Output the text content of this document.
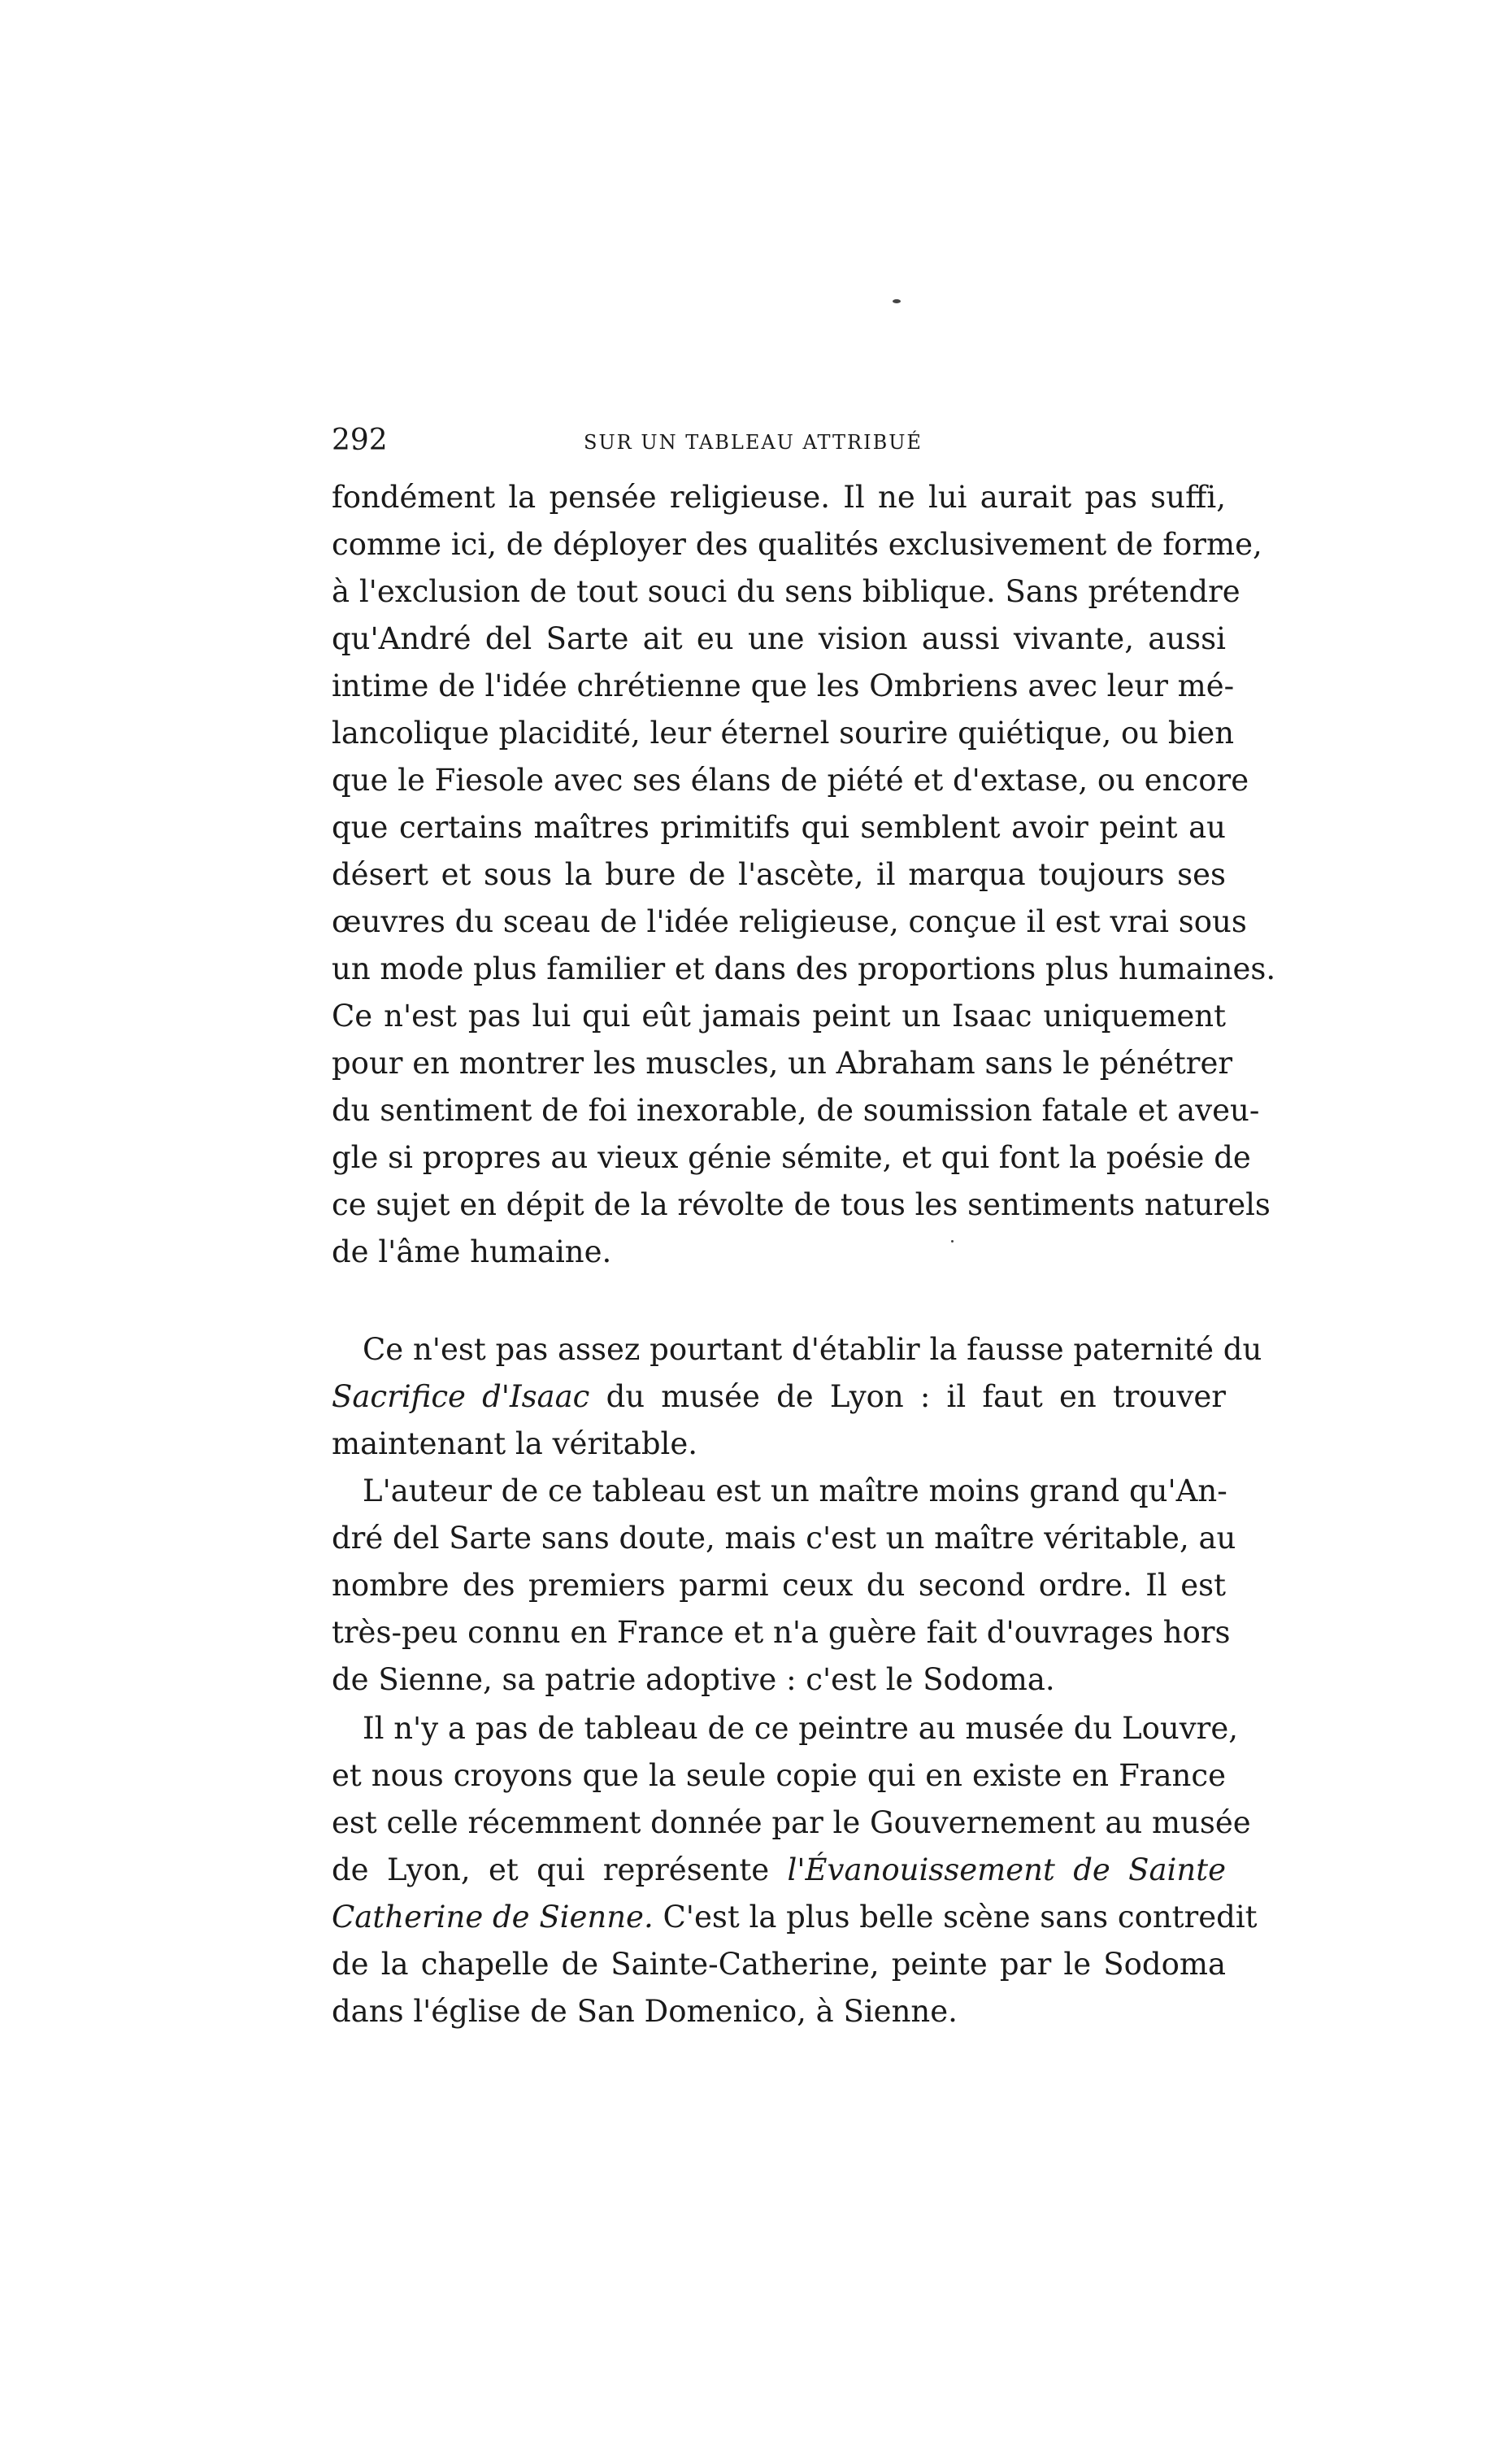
292	SUR UN TABLEAU ATTRIBUÉ
fondément la pensée religieuse. Il ne lui aurait pas suffi,
comme ici, de déployer des qualités exclusivement de forme,
à l'exclusion de tout souci du sens biblique. Sans prétendre
qu'André del Sarte ait eu une vision aussi vivante, aussi
intime de l'idée chrétienne que les Ombriens avec leur mé-
lancolique placidité, leur éternel sourire quiétique, ou bien
que le Fiesole avec ses élans de piété et d'extase, ou encore
que certains maîtres primitifs qui semblent avoir peint au
désert et sous la bure de l'ascète, il marqua toujours ses
œuvres du sceau de l'idée religieuse, conçue il est vrai sous
un mode plus familier et dans des proportions plus humaines.
Ce n'est pas lui qui eût jamais peint un Isaac uniquement
pour en montrer les muscles, un Abraham sans le pénétrer
du sentiment de foi inexorable, de soumission fatale et aveu-
gle si propres au vieux génie sémite, et qui font la poésie de
ce sujet en dépit de la révolte de tous les sentiments naturels
de l'âme humaine.
Ce n'est pas assez pourtant d'établir la fausse paternité du
Sacrifice d'Isaac du musée de Lyon : il faut en trouver
maintenant la véritable.
L'auteur de ce tableau est un maître moins grand qu'An-
dré del Sarte sans doute, mais c'est un maître véritable, au
nombre des premiers parmi ceux du second ordre. Il est
très-peu connu en France et n'a guère fait d'ouvrages hors
de Sienne, sa patrie adoptive : c'est le Sodoma.
Il n'y a pas de tableau de ce peintre au musée du Louvre,
et nous croyons que la seule copie qui en existe en France
est celle récemment donnée par le Gouvernement au musée
de Lyon, et qui représente l'Évanouissement de Sainte
Catherine de Sienne. C'est la plus belle scène sans contredit
de la chapelle de Sainte-Catherine, peinte par le Sodoma
dans l'église de San Domenico, à Sienne.
